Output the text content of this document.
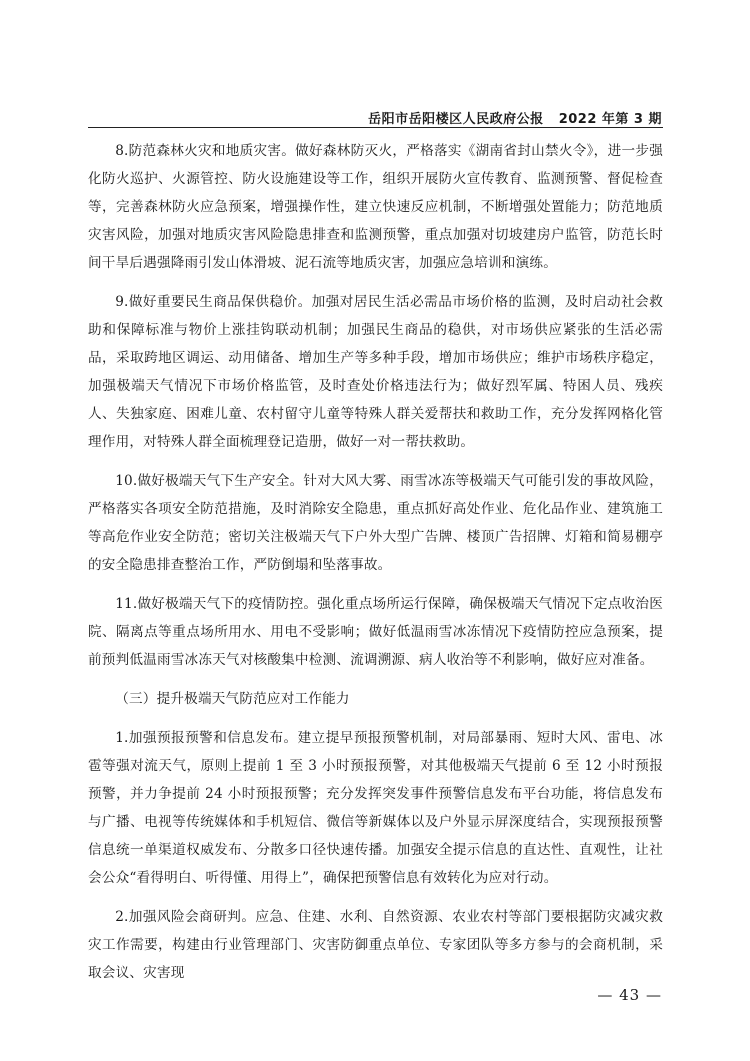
岳阳市岳阳楼区人民政府公报 2022 年第 3 期

8.防范森林火灾和地质灾害。做好森林防灭火，严格落实《湖南省封山禁火令》，进一步强化防火巡护、火源管控、防火设施建设等工作，组织开展防火宣传教育、监测预警、督促检查等，完善森林防火应急预案，增强操作性，建立快速反应机制，不断增强处置能力；防范地质灾害风险，加强对地质灾害风险隐患排查和监测预警，重点加强对切坡建房户监管，防范长时间干旱后遇强降雨引发山体滑坡、泥石流等地质灾害，加强应急培训和演练。

9.做好重要民生商品保供稳价。加强对居民生活必需品市场价格的监测，及时启动社会救助和保障标准与物价上涨挂钩联动机制；加强民生商品的稳供，对市场供应紧张的生活必需品，采取跨地区调运、动用储备、增加生产等多种手段，增加市场供应；维护市场秩序稳定，加强极端天气情况下市场价格监管，及时查处价格违法行为；做好烈军属、特困人员、残疾人、失独家庭、困难儿童、农村留守儿童等特殊人群关爱帮扶和救助工作，充分发挥网格化管理作用，对特殊人群全面梳理登记造册，做好一对一帮扶救助。

10.做好极端天气下生产安全。针对大风大雾、雨雪冰冻等极端天气可能引发的事故风险，严格落实各项安全防范措施，及时消除安全隐患，重点抓好高处作业、危化品作业、建筑施工等高危作业安全防范；密切关注极端天气下户外大型广告牌、楼顶广告招牌、灯箱和简易棚亭的安全隐患排查整治工作，严防倒塌和坠落事故。

11.做好极端天气下的疫情防控。强化重点场所运行保障，确保极端天气情况下定点收治医院、隔离点等重点场所用水、用电不受影响；做好低温雨雪冰冻情况下疫情防控应急预案，提前预判低温雨雪冰冻天气对核酸集中检测、流调溯源、病人收治等不利影响，做好应对准备。

（三）提升极端天气防范应对工作能力

1.加强预报预警和信息发布。建立提早预报预警机制，对局部暴雨、短时大风、雷电、冰雹等强对流天气，原则上提前 1 至 3 小时预报预警，对其他极端天气提前 6 至 12 小时预报预警，并力争提前 24 小时预报预警；充分发挥突发事件预警信息发布平台功能，将信息发布与广播、电视等传统媒体和手机短信、微信等新媒体以及户外显示屏深度结合，实现预报预警信息统一单渠道权威发布、分散多口径快速传播。加强安全提示信息的直达性、直观性，让社会公众“看得明白、听得懂、用得上”，确保把预警信息有效转化为应对行动。

2.加强风险会商研判。应急、住建、水利、自然资源、农业农村等部门要根据防灾减灾救灾工作需要，构建由行业管理部门、灾害防御重点单位、专家团队等多方参与的会商机制，采取会议、灾害现

— 43 —
